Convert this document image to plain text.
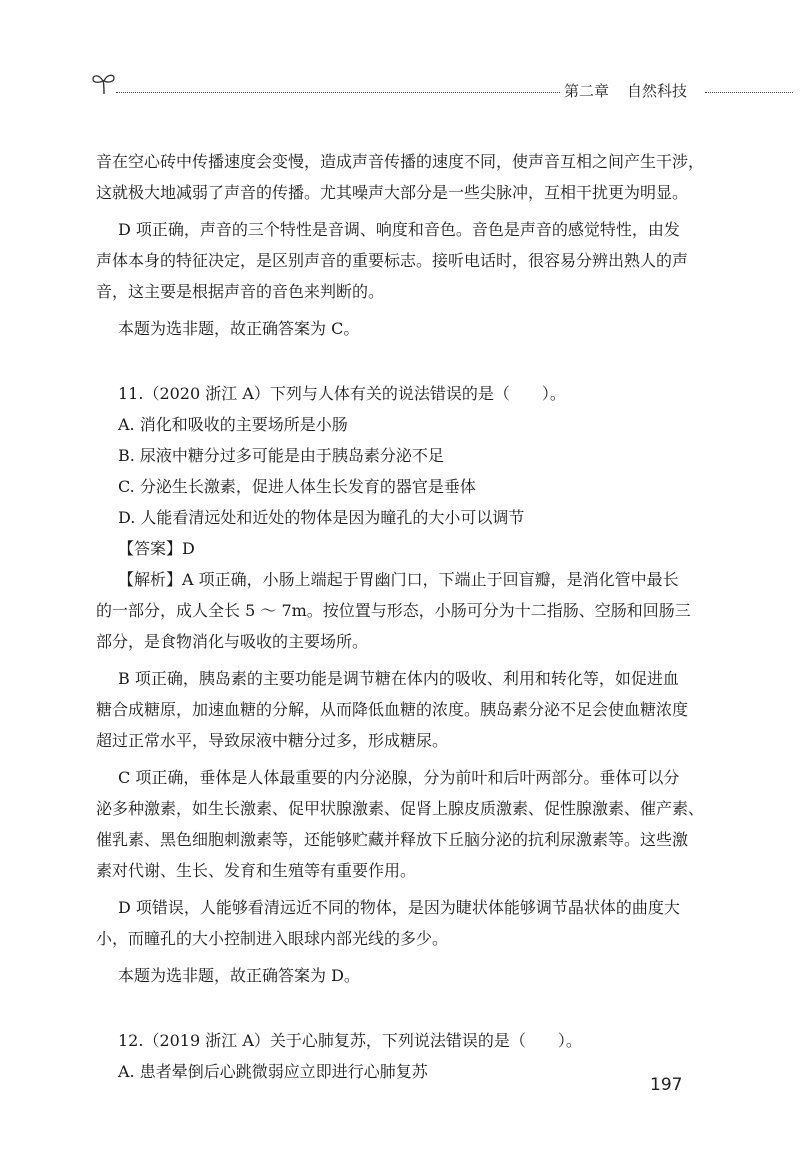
第二章 自然科技
音在空心砖中传播速度会变慢，造成声音传播的速度不同，使声音互相之间产生干涉，
这就极大地减弱了声音的传播。尤其噪声大部分是一些尖脉冲，互相干扰更为明显。
D 项正确，声音的三个特性是音调、响度和音色。音色是声音的感觉特性，由发
声体本身的特征决定，是区别声音的重要标志。接听电话时，很容易分辨出熟人的声
音，这主要是根据声音的音色来判断的。
本题为选非题，故正确答案为 C。
11.（2020 浙江 A）下列与人体有关的说法错误的是（　　）。
A. 消化和吸收的主要场所是小肠
B. 尿液中糖分过多可能是由于胰岛素分泌不足
C. 分泌生长激素，促进人体生长发育的器官是垂体
D. 人能看清远处和近处的物体是因为瞳孔的大小可以调节
【答案】D
【解析】A 项正确，小肠上端起于胃幽门口，下端止于回盲瓣，是消化管中最长
的一部分，成人全长 5 ～ 7m。按位置与形态，小肠可分为十二指肠、空肠和回肠三
部分，是食物消化与吸收的主要场所。
B 项正确，胰岛素的主要功能是调节糖在体内的吸收、利用和转化等，如促进血
糖合成糖原，加速血糖的分解，从而降低血糖的浓度。胰岛素分泌不足会使血糖浓度
超过正常水平，导致尿液中糖分过多，形成糖尿。
C 项正确，垂体是人体最重要的内分泌腺，分为前叶和后叶两部分。垂体可以分
泌多种激素，如生长激素、促甲状腺激素、促肾上腺皮质激素、促性腺激素、催产素、
催乳素、黑色细胞刺激素等，还能够贮藏并释放下丘脑分泌的抗利尿激素等。这些激
素对代谢、生长、发育和生殖等有重要作用。
D 项错误，人能够看清远近不同的物体，是因为睫状体能够调节晶状体的曲度大
小，而瞳孔的大小控制进入眼球内部光线的多少。
本题为选非题，故正确答案为 D。
12.（2019 浙江 A）关于心肺复苏，下列说法错误的是（　　）。
A. 患者晕倒后心跳微弱应立即进行心肺复苏
197
